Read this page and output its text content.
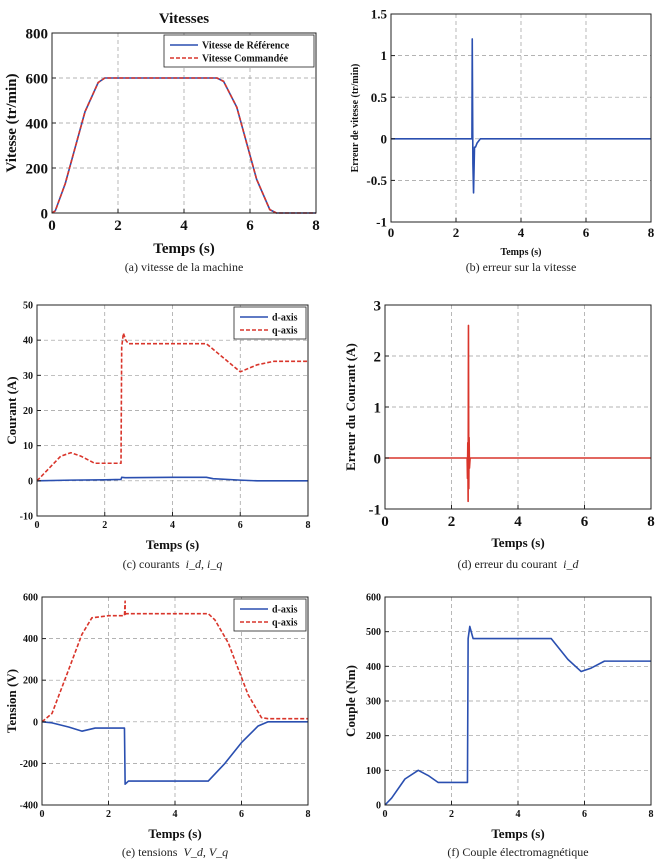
0	2	4	6	8
0
200
400
600
800
Temps (s)
Vitesse (tr/min)
Vitesses
Vitesse de Référence
Vitesse Commandée
(a) vitesse de la machine
0	2	4	6	8
-1
-0.5
0
0.5
1
1.5
Temps (s)
Erreur de vitesse (tr/min)
(b) erreur sur la vitesse
0	2	4	6	8
-10
0
10
20
30
40
50
Temps (s)
Courant (A)
d-axis
q-axis
(c) courants i_d, i_q
0	2	4	6	8
-1
0
1
2
3
Temps (s)
Erreur du Courant (A)
(d) erreur du courant i_d
0	2	4	6	8
-400
-200
0
200
400
600
Temps (s)
Tension (V)
d-axis
q-axis
(e) tensions V_d, V_q
0	2	4	6	8
0
100
200
300
400
500
600
Temps (s)
Couple (Nm)
(f) Couple électromagnétique
